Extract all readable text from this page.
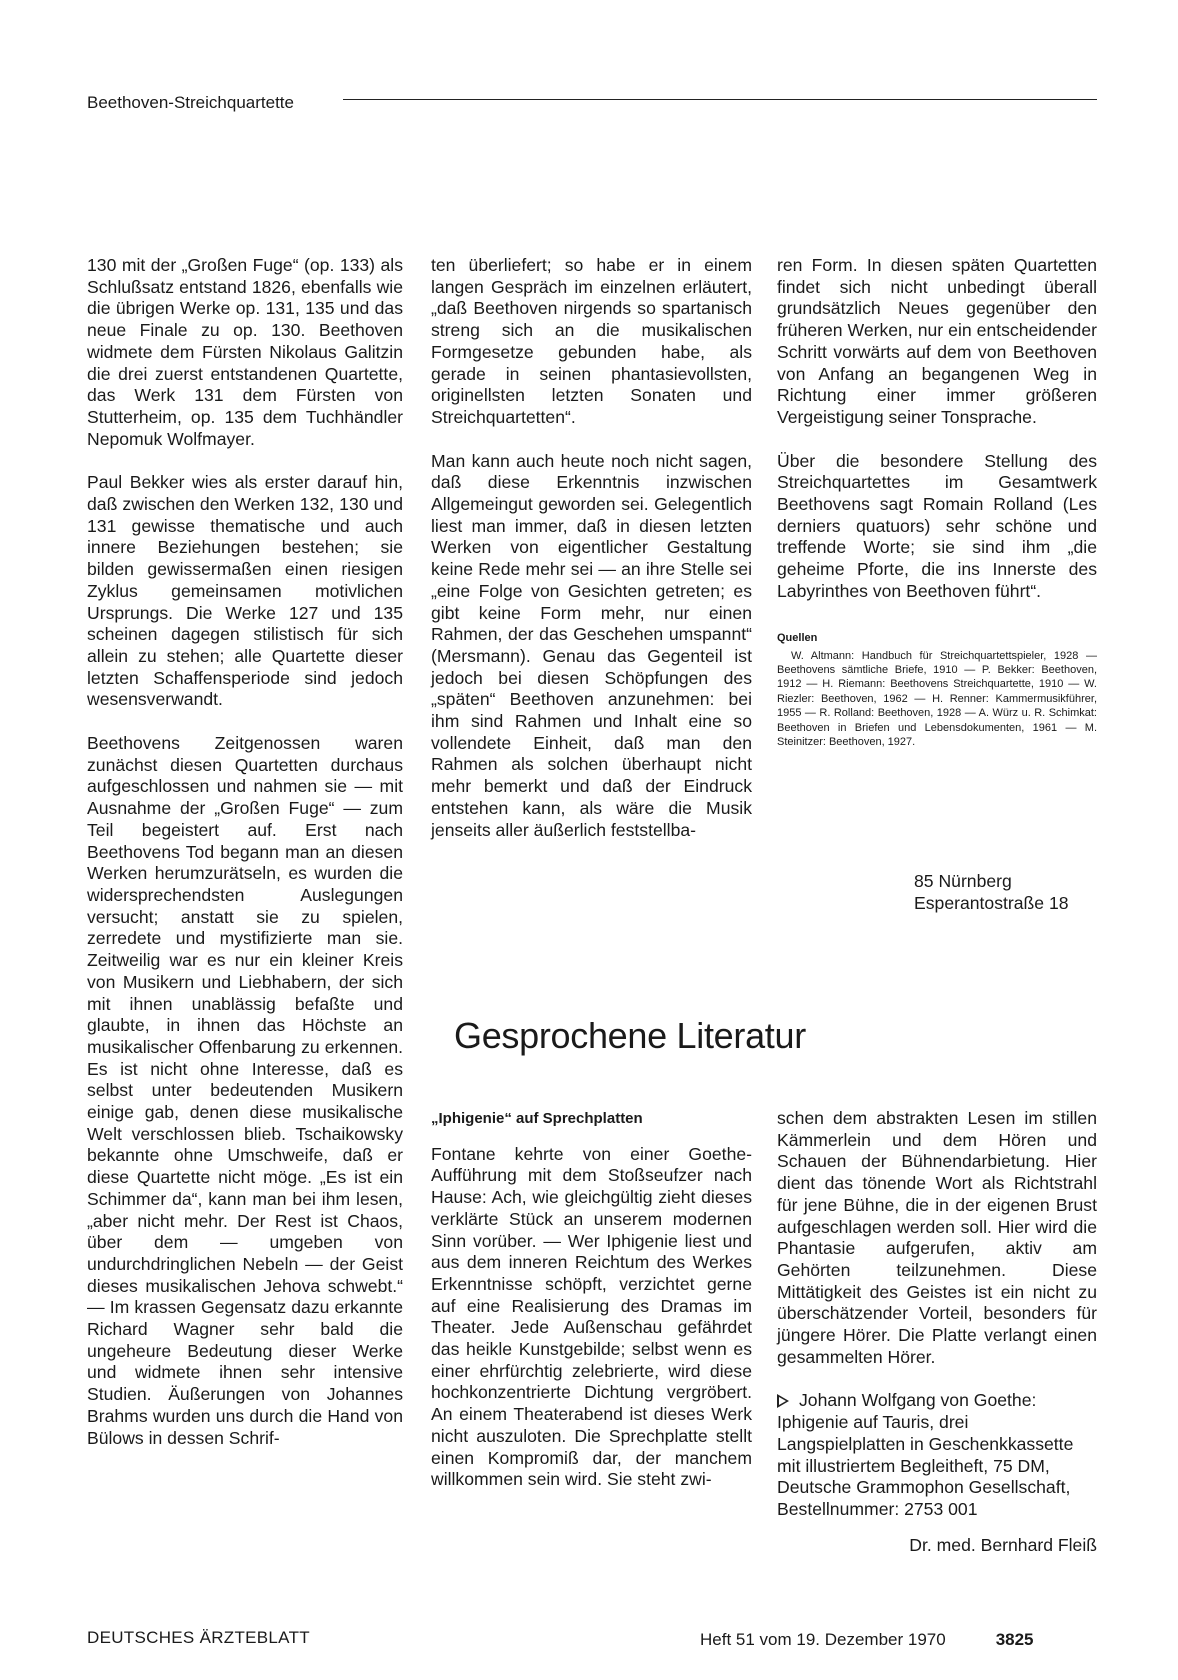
Beethoven-Streichquartette

130 mit der „Großen Fuge“ (op. 133) als Schlußsatz entstand 1826, ebenfalls wie die übrigen Werke op. 131, 135 und das neue Finale zu op. 130. Beethoven widmete dem Fürsten Nikolaus Galitzin die drei zuerst entstandenen Quartette, das Werk 131 dem Fürsten von Stutterheim, op. 135 dem Tuchhändler Nepomuk Wolfmayer.

Paul Bekker wies als erster darauf hin, daß zwischen den Werken 132, 130 und 131 gewisse thematische und auch innere Beziehungen bestehen; sie bilden gewissermaßen einen riesigen Zyklus gemeinsamen motivlichen Ursprungs. Die Werke 127 und 135 scheinen dagegen stilistisch für sich allein zu stehen; alle Quartette dieser letzten Schaffensperiode sind jedoch wesensverwandt.

Beethovens Zeitgenossen waren zunächst diesen Quartetten durchaus aufgeschlossen und nahmen sie — mit Ausnahme der „Großen Fuge“ — zum Teil begeistert auf. Erst nach Beethovens Tod begann man an diesen Werken herumzurätseln, es wurden die widersprechendsten Auslegungen versucht; anstatt sie zu spielen, zerredete und mystifizierte man sie. Zeitweilig war es nur ein kleiner Kreis von Musikern und Liebhabern, der sich mit ihnen unablässig befaßte und glaubte, in ihnen das Höchste an musikalischer Offenbarung zu erkennen. Es ist nicht ohne Interesse, daß es selbst unter bedeutenden Musikern einige gab, denen diese musikalische Welt verschlossen blieb. Tschaikowsky bekannte ohne Umschweife, daß er diese Quartette nicht möge. „Es ist ein Schimmer da“, kann man bei ihm lesen, „aber nicht mehr. Der Rest ist Chaos, über dem — umgeben von undurchdringlichen Nebeln — der Geist dieses musikalischen Jehova schwebt.“ — Im krassen Gegensatz dazu erkannte Richard Wagner sehr bald die ungeheure Bedeutung dieser Werke und widmete ihnen sehr intensive Studien. Äußerungen von Johannes Brahms wurden uns durch die Hand von Bülows in dessen Schrif-

ten überliefert; so habe er in einem langen Gespräch im einzelnen erläutert, „daß Beethoven nirgends so spartanisch streng sich an die musikalischen Formgesetze gebunden habe, als gerade in seinen phantasievollsten, originellsten letzten Sonaten und Streichquartetten“.

Man kann auch heute noch nicht sagen, daß diese Erkenntnis inzwischen Allgemeingut geworden sei. Gelegentlich liest man immer, daß in diesen letzten Werken von eigentlicher Gestaltung keine Rede mehr sei — an ihre Stelle sei „eine Folge von Gesichten getreten; es gibt keine Form mehr, nur einen Rahmen, der das Geschehen umspannt“ (Mersmann). Genau das Gegenteil ist jedoch bei diesen Schöpfungen des „späten“ Beethoven anzunehmen: bei ihm sind Rahmen und Inhalt eine so vollendete Einheit, daß man den Rahmen als solchen überhaupt nicht mehr bemerkt und daß der Eindruck entstehen kann, als wäre die Musik jenseits aller äußerlich feststellba-

ren Form. In diesen späten Quartetten findet sich nicht unbedingt überall grundsätzlich Neues gegenüber den früheren Werken, nur ein entscheidender Schritt vorwärts auf dem von Beethoven von Anfang an begangenen Weg in Richtung einer immer größeren Vergeistigung seiner Tonsprache.

Über die besondere Stellung des Streichquartettes im Gesamtwerk Beethovens sagt Romain Rolland (Les derniers quatuors) sehr schöne und treffende Worte; sie sind ihm „die geheime Pforte, die ins Innerste des Labyrinthes von Beethoven führt“.

Quellen
W. Altmann: Handbuch für Streichquartettspieler, 1928 — Beethovens sämtliche Briefe, 1910 — P. Bekker: Beethoven, 1912 — H. Riemann: Beethovens Streichquartette, 1910 — W. Riezler: Beethoven, 1962 — H. Renner: Kammermusikführer, 1955 — R. Rolland: Beethoven, 1928 — A. Würz u. R. Schimkat: Beethoven in Briefen und Lebensdokumenten, 1961 — M. Steinitzer: Beethoven, 1927.
85 Nürnberg
Esperantostraße 18
Gesprochene Literatur
„Iphigenie“ auf Sprechplatten

Fontane kehrte von einer Goethe-Aufführung mit dem Stoßseufzer nach Hause: Ach, wie gleichgültig zieht dieses verklärte Stück an unserem modernen Sinn vorüber. — Wer Iphigenie liest und aus dem inneren Reichtum des Werkes Erkenntnisse schöpft, verzichtet gerne auf eine Realisierung des Dramas im Theater. Jede Außenschau gefährdet das heikle Kunstgebilde; selbst wenn es einer ehrfürchtig zelebrierte, wird diese hochkonzentrierte Dichtung vergröbert. An einem Theaterabend ist dieses Werk nicht auszuloten. Die Sprechplatte stellt einen Kompromiß dar, der manchem willkommen sein wird. Sie steht zwi-

schen dem abstrakten Lesen im stillen Kämmerlein und dem Hören und Schauen der Bühnendarbietung. Hier dient das tönende Wort als Richtstrahl für jene Bühne, die in der eigenen Brust aufgeschlagen werden soll. Hier wird die Phantasie aufgerufen, aktiv am Gehörten teilzunehmen. Diese Mittätigkeit des Geistes ist ein nicht zu überschätzender Vorteil, besonders für jüngere Hörer. Die Platte verlangt einen gesammelten Hörer.

Johann Wolfgang von Goethe: Iphigenie auf Tauris, drei Langspielplatten in Geschenkkassette mit illustriertem Begleitheft, 75 DM, Deutsche Grammophon Gesellschaft, Bestellnummer: 2753 001

Dr. med. Bernhard Fleiß
DEUTSCHES ÄRZTEBLATT	Heft 51 vom 19. Dezember 1970	3825
